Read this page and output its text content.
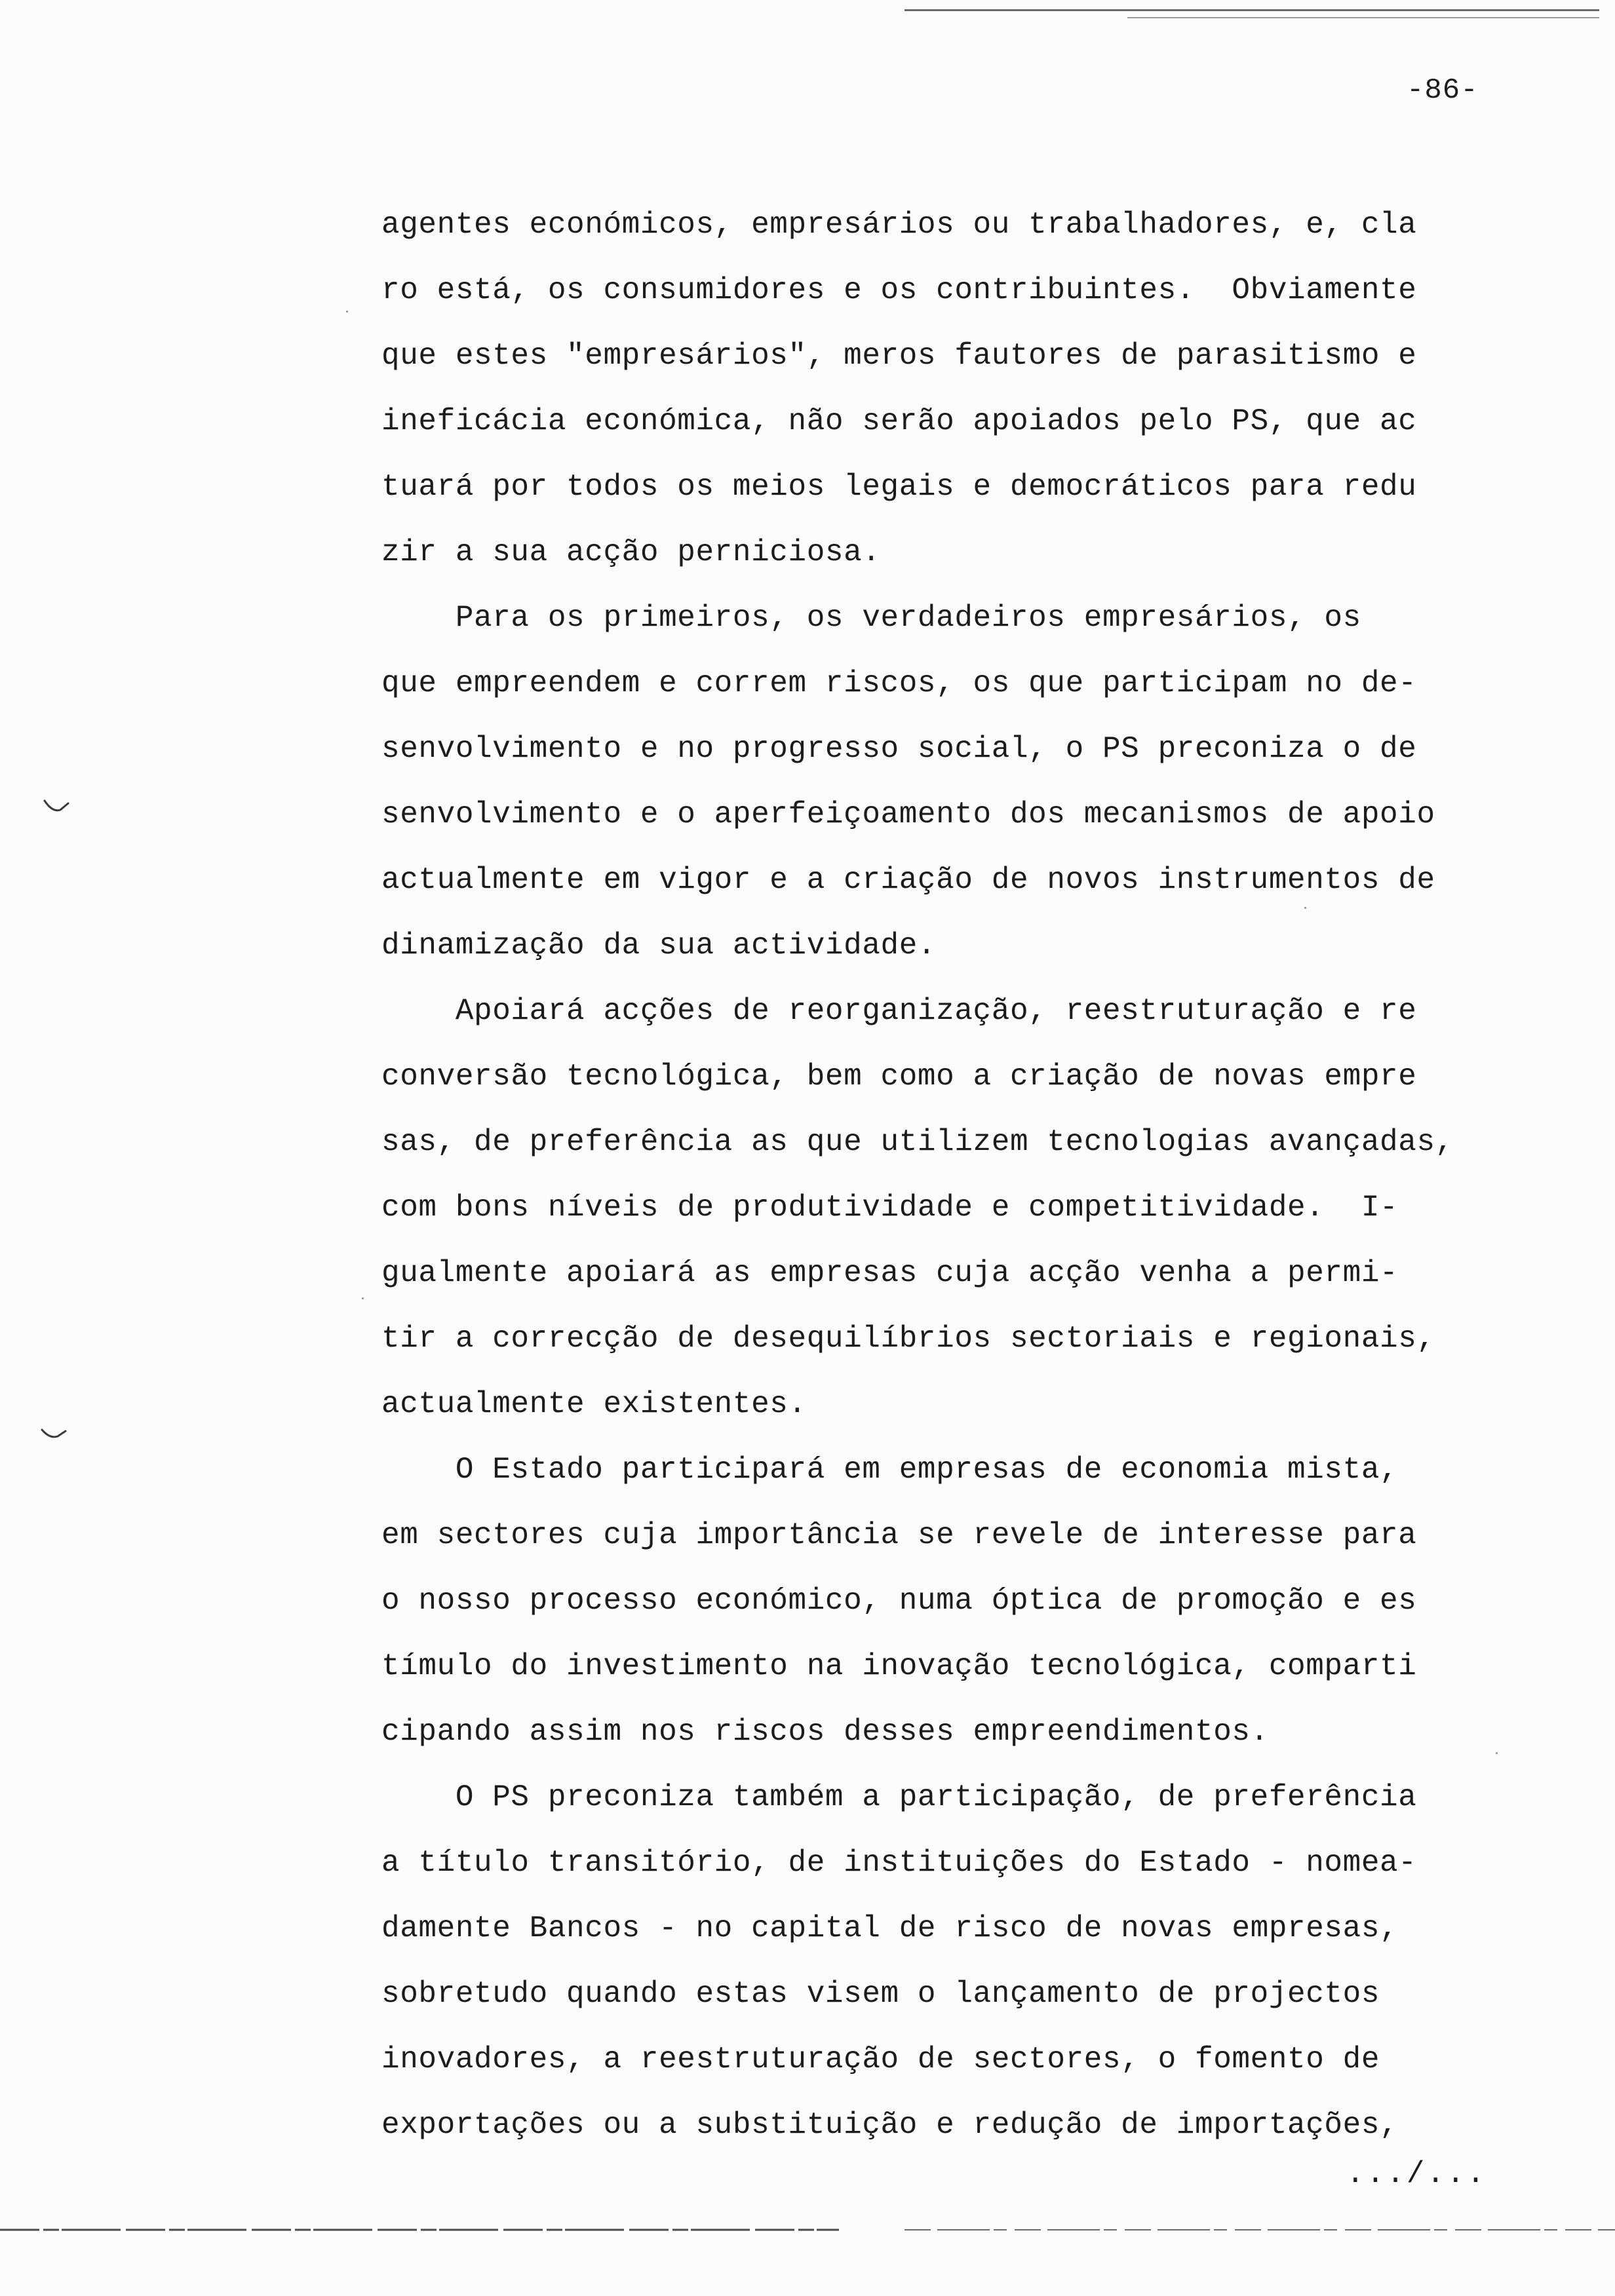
-86-
agentes económicos, empresários ou trabalhadores, e, cla
ro está, os consumidores e os contribuintes.  Obviamente
que estes "empresários", meros fautores de parasitismo e
ineficácia económica, não serão apoiados pelo PS, que ac
tuará por todos os meios legais e democráticos para redu
zir a sua acção perniciosa.
Para os primeiros, os verdadeiros empresários, os
que empreendem e correm riscos, os que participam no de-
senvolvimento e no progresso social, o PS preconiza o de
senvolvimento e o aperfeiçoamento dos mecanismos de apoio
actualmente em vigor e a criação de novos instrumentos de
dinamização da sua actividade.
Apoiará acções de reorganização, reestruturação e re
conversão tecnológica, bem como a criação de novas empre
sas, de preferência as que utilizem tecnologias avançadas,
com bons níveis de produtividade e competitividade.  I-
gualmente apoiará as empresas cuja acção venha a permi-
tir a correcção de desequilíbrios sectoriais e regionais,
actualmente existentes.
O Estado participará em empresas de economia mista,
em sectores cuja importância se revele de interesse para
o nosso processo económico, numa óptica de promoção e es
tímulo do investimento na inovação tecnológica, comparti
cipando assim nos riscos desses empreendimentos.
O PS preconiza também a participação, de preferência
a título transitório, de instituições do Estado - nomea-
damente Bancos - no capital de risco de novas empresas,
sobretudo quando estas visem o lançamento de projectos
inovadores, a reestruturação de sectores, o fomento de
exportações ou a substituição e redução de importações,
.../...
